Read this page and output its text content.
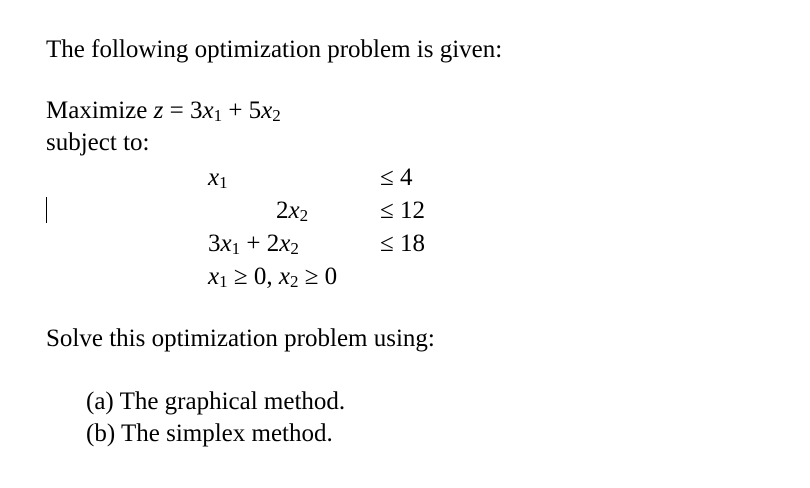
The following optimization problem is given:
Maximize $z = 3x_1 + 5x_2$
subject to:
$x_1$	≤ 4
$2x_2$	≤ 12
$3x_1 + 2x_2$	≤ 18
$x_1 \ge 0$, $x_2 \ge 0$
Solve this optimization problem using:
(a) The graphical method.
(b) The simplex method.
